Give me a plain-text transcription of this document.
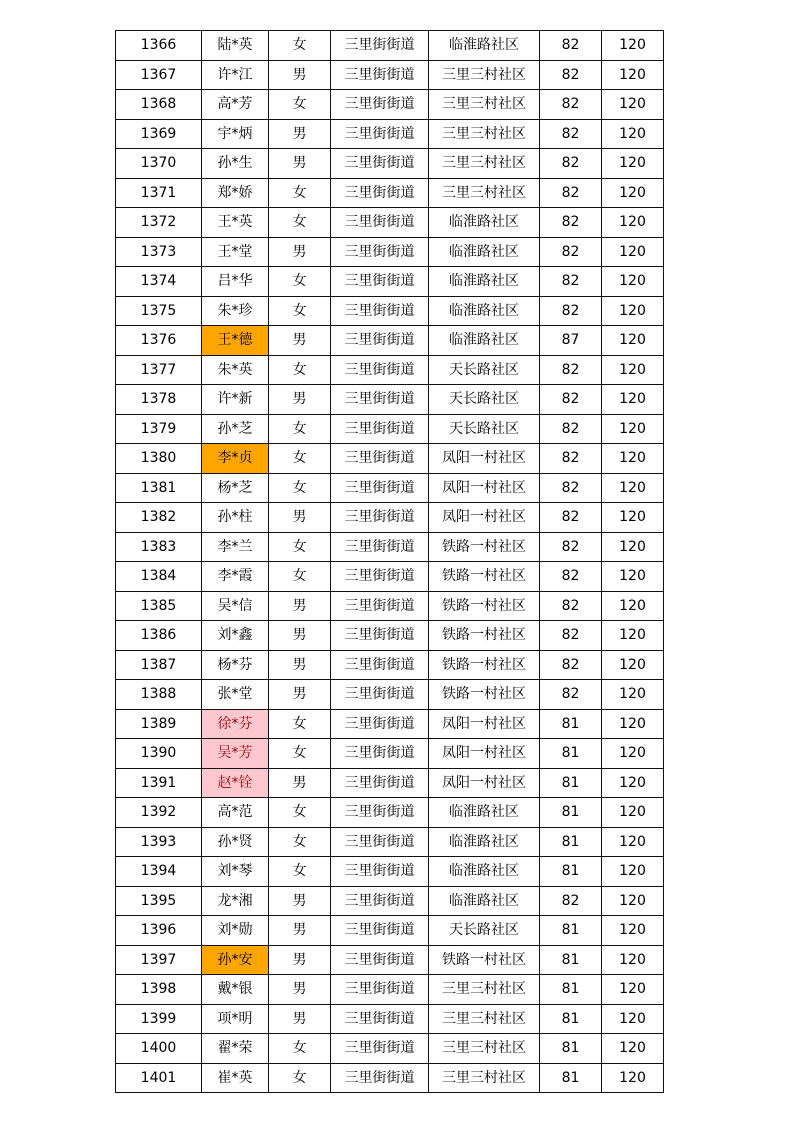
1366	陆*英	女	三里街街道	临淮路社区	82	120
1367	许*江	男	三里街街道	三里三村社区	82	120
1368	高*芳	女	三里街街道	三里三村社区	82	120
1369	宇*炳	男	三里街街道	三里三村社区	82	120
1370	孙*生	男	三里街街道	三里三村社区	82	120
1371	郑*娇	女	三里街街道	三里三村社区	82	120
1372	王*英	女	三里街街道	临淮路社区	82	120
1373	王*堂	男	三里街街道	临淮路社区	82	120
1374	吕*华	女	三里街街道	临淮路社区	82	120
1375	朱*珍	女	三里街街道	临淮路社区	82	120
1376	王*德	男	三里街街道	临淮路社区	87	120
1377	朱*英	女	三里街街道	天长路社区	82	120
1378	许*新	男	三里街街道	天长路社区	82	120
1379	孙*芝	女	三里街街道	天长路社区	82	120
1380	李*贞	女	三里街街道	凤阳一村社区	82	120
1381	杨*芝	女	三里街街道	凤阳一村社区	82	120
1382	孙*柱	男	三里街街道	凤阳一村社区	82	120
1383	李*兰	女	三里街街道	铁路一村社区	82	120
1384	李*霞	女	三里街街道	铁路一村社区	82	120
1385	吴*信	男	三里街街道	铁路一村社区	82	120
1386	刘*鑫	男	三里街街道	铁路一村社区	82	120
1387	杨*芬	男	三里街街道	铁路一村社区	82	120
1388	张*堂	男	三里街街道	铁路一村社区	82	120
1389	徐*芬	女	三里街街道	凤阳一村社区	81	120
1390	吴*芳	女	三里街街道	凤阳一村社区	81	120
1391	赵*铨	男	三里街街道	凤阳一村社区	81	120
1392	高*范	女	三里街街道	临淮路社区	81	120
1393	孙*贤	女	三里街街道	临淮路社区	81	120
1394	刘*琴	女	三里街街道	临淮路社区	81	120
1395	龙*湘	男	三里街街道	临淮路社区	82	120
1396	刘*勋	男	三里街街道	天长路社区	81	120
1397	孙*安	男	三里街街道	铁路一村社区	81	120
1398	戴*银	男	三里街街道	三里三村社区	81	120
1399	项*明	男	三里街街道	三里三村社区	81	120
1400	翟*荣	女	三里街街道	三里三村社区	81	120
1401	崔*英	女	三里街街道	三里三村社区	81	120
